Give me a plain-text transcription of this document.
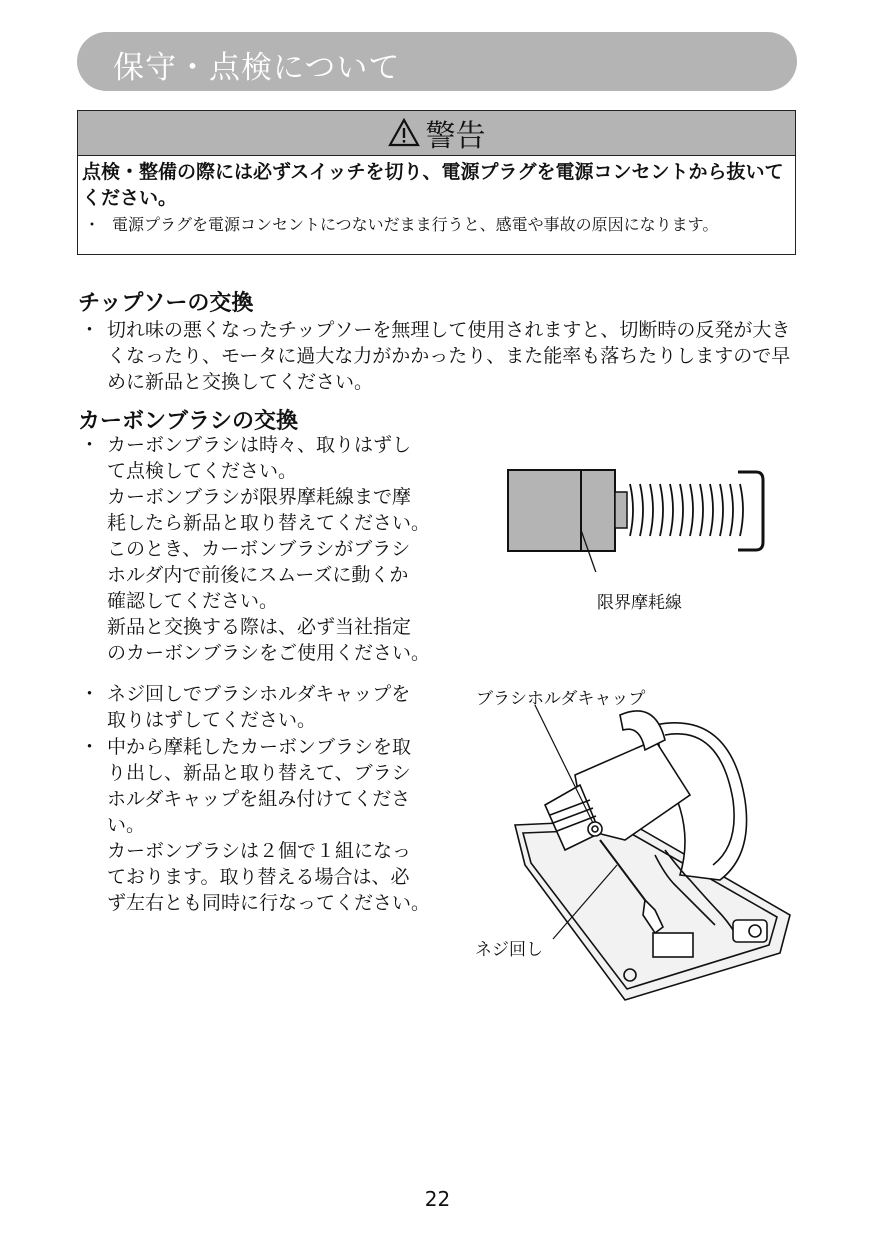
保守・点検について
警告
点検・整備の際には必ずスイッチを切り、電源プラグを電源コンセントから抜いてください。
・ 電源プラグを電源コンセントにつないだまま行うと、感電や事故の原因になります。
チップソーの交換
・ 切れ味の悪くなったチップソーを無理して使用されますと、切断時の反発が大きくなったり、モータに過大な力がかかったり、また能率も落ちたりしますので早めに新品と交換してください。
カーボンブラシの交換
・ カーボンブラシは時々、取りはずし
て点検してください。
カーボンブラシが限界摩耗線まで摩
耗したら新品と取り替えてください。
このとき、カーボンブラシがブラシ
ホルダ内で前後にスムーズに動くか
確認してください。
新品と交換する際は、必ず当社指定
のカーボンブラシをご使用ください。
・ ネジ回しでブラシホルダキャップを
取りはずしてください。
・ 中から摩耗したカーボンブラシを取
り出し、新品と取り替えて、ブラシ
ホルダキャップを組み付けてくださ
い。
カーボンブラシは２個で１組になっ
ております。取り替える場合は、必
ず左右とも同時に行なってください。
限界摩耗線
ブラシホルダキャップ
ネジ回し
22
